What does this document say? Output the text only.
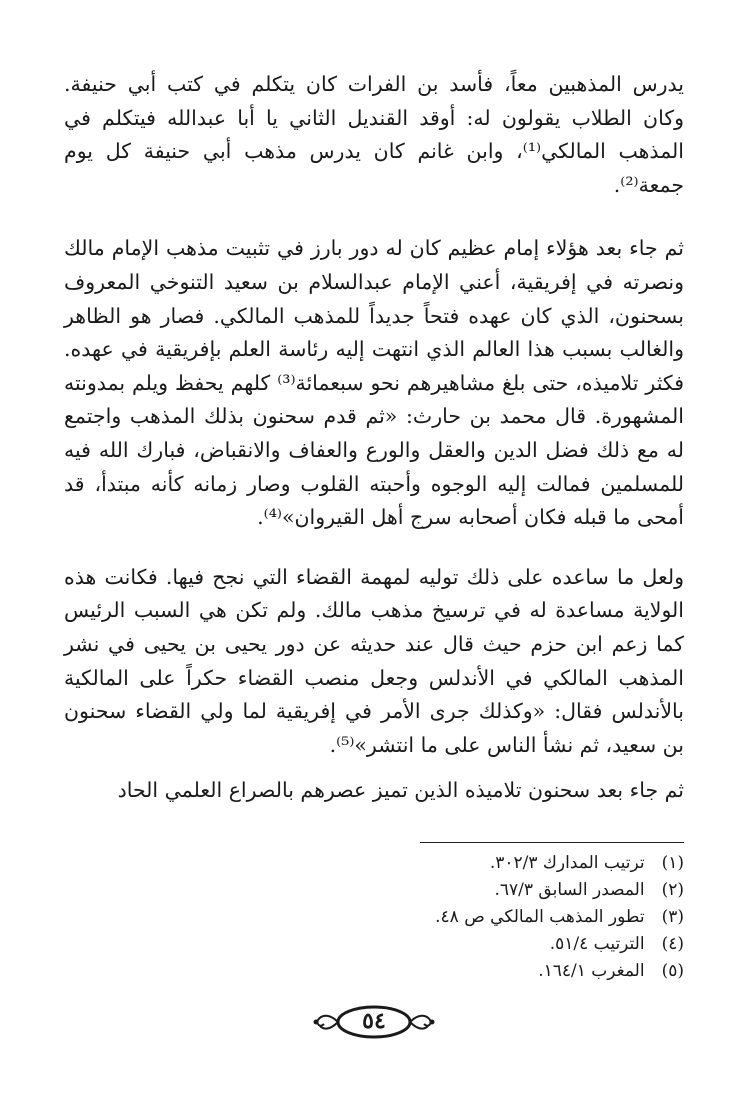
يدرس المذهبين معاً، فأسد بن الفرات كان يتكلم في كتب أبي حنيفة. وكان الطلاب يقولون له: أوقد القنديل الثاني يا أبا عبدالله فيتكلم في المذهب المالكي⁽¹⁾، وابن غانم كان يدرس مذهب أبي حنيفة كل يوم جمعة⁽²⁾.

ثم جاء بعد هؤلاء إمام عظيم كان له دور بارز في تثبيت مذهب الإمام مالك ونصرته في إفريقية، أعني الإمام عبدالسلام بن سعيد التنوخي المعروف بسحنون، الذي كان عهده فتحاً جديداً للمذهب المالكي. فصار هو الظاهر والغالب بسبب هذا العالم الذي انتهت إليه رئاسة العلم بإفريقية في عهده. فكثر تلاميذه، حتى بلغ مشاهيرهم نحو سبعمائة⁽³⁾ كلهم يحفظ ويلم بمدونته المشهورة. قال محمد بن حارث: «ثم قدم سحنون بذلك المذهب واجتمع له مع ذلك فضل الدين والعقل والورع والعفاف والانقباض، فبارك الله فيه للمسلمين فمالت إليه الوجوه وأحبته القلوب وصار زمانه كأنه مبتدأ، قد أمحى ما قبله فكان أصحابه سرج أهل القيروان»⁽⁴⁾.

ولعل ما ساعده على ذلك توليه لمهمة القضاء التي نجح فيها. فكانت هذه الولاية مساعدة له في ترسيخ مذهب مالك. ولم تكن هي السبب الرئيس كما زعم ابن حزم حيث قال عند حديثه عن دور يحيى بن يحيى في نشر المذهب المالكي في الأندلس وجعل منصب القضاء حكراً على المالكية بالأندلس فقال: «وكذلك جرى الأمر في إفريقية لما ولي القضاء سحنون بن سعيد، ثم نشأ الناس على ما انتشر»⁽⁵⁾.

ثم جاء بعد سحنون تلاميذه الذين تميز عصرهم بالصراع العلمي الحاد

(١) ترتيب المدارك ٣٠٢/٣.
(٢) المصدر السابق ٦٧/٣.
(٣) تطور المذهب المالكي ص ٤٨.
(٤) الترتيب ٥١/٤.
(٥) المغرب ١٦٤/١.
٥٤
